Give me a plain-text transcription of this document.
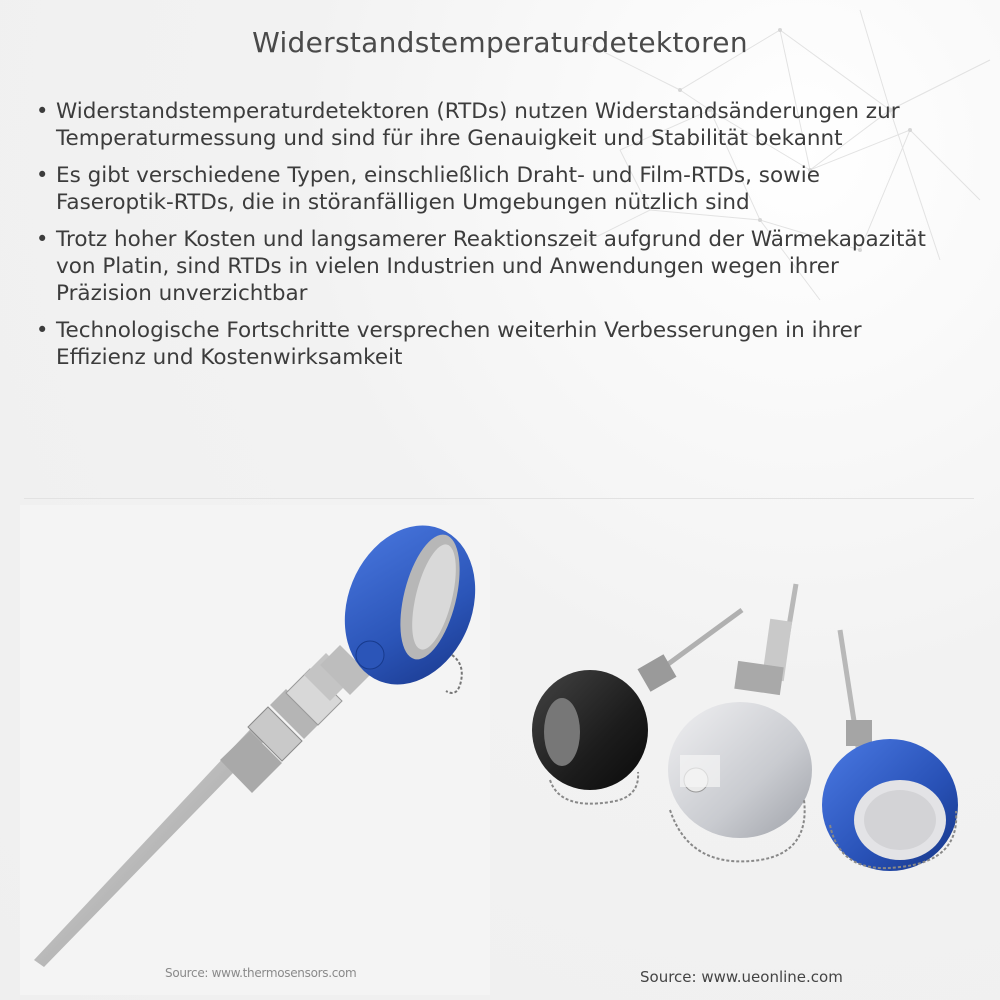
Widerstandstemperaturdetektoren
• Widerstandstemperaturdetektoren (RTDs) nutzen Widerstandsänderungen zur Temperaturmessung und sind für ihre Genauigkeit und Stabilität bekannt
• Es gibt verschiedene Typen, einschließlich Draht- und Film-RTDs, sowie Faseroptik-RTDs, die in störanfälligen Umgebungen nützlich sind
• Trotz hoher Kosten und langsamerer Reaktionszeit aufgrund der Wärmekapazität von Platin, sind RTDs in vielen Industrien und Anwendungen wegen ihrer Präzision unverzichtbar
• Technologische Fortschritte versprechen weiterhin Verbesserungen in ihrer Effizienz und Kostenwirksamkeit
Source: www.thermosensors.com	Source: www.ueonline.com
